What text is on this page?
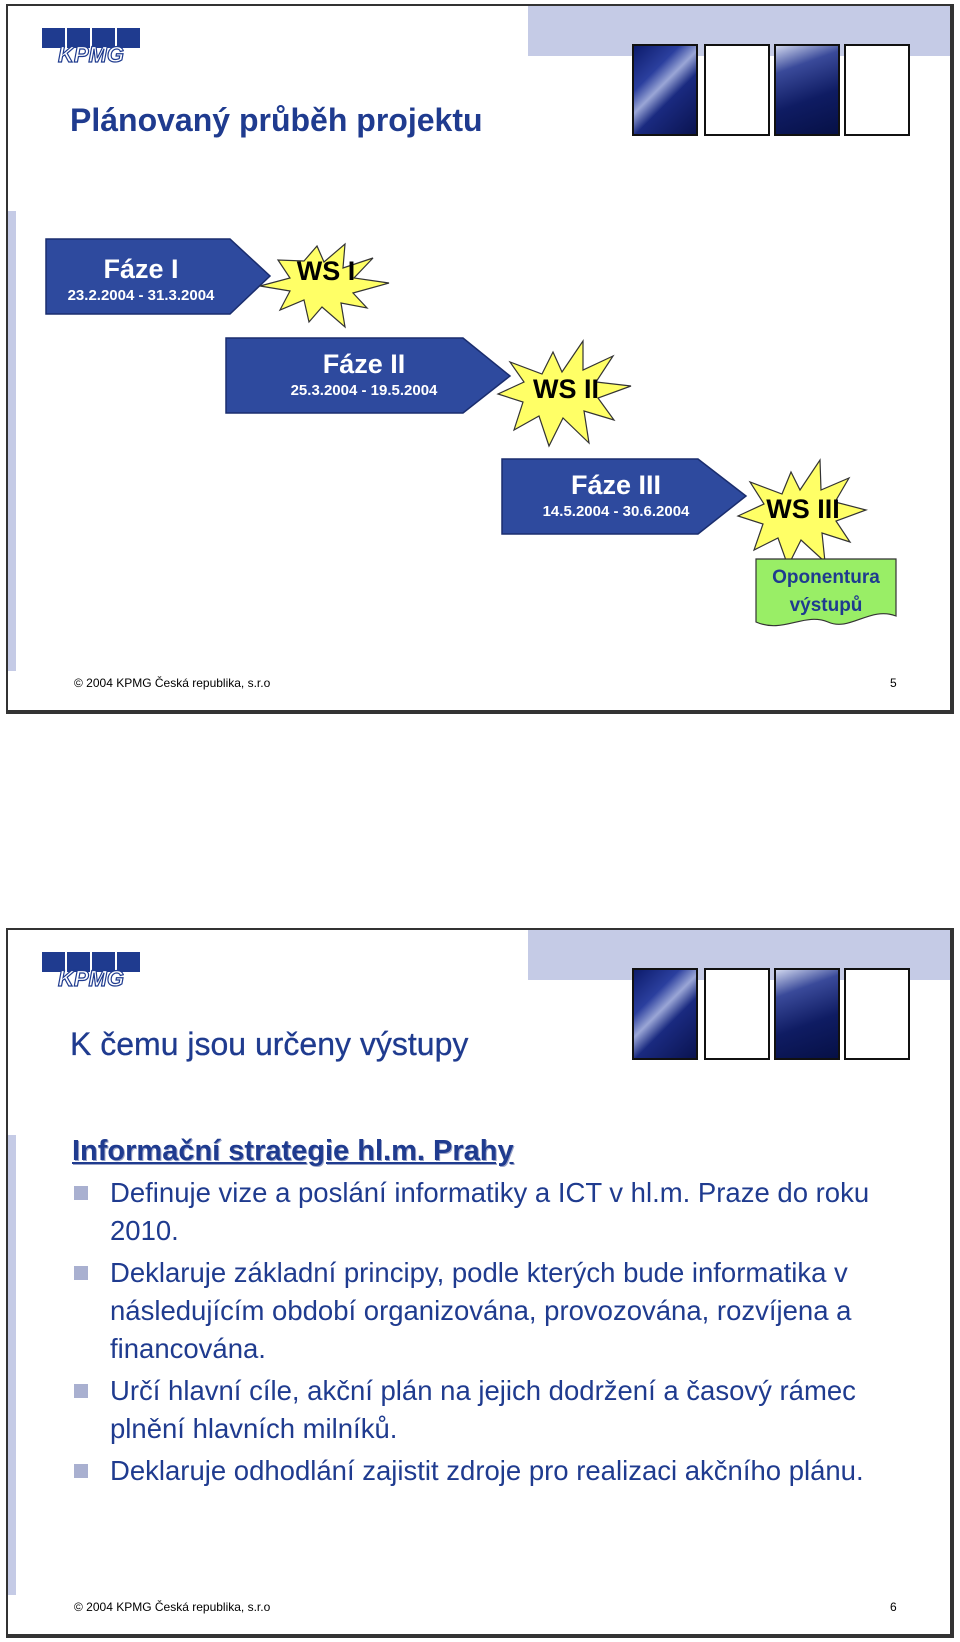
KPMG
Plánovaný průběh projektu
Fáze I
23.2.2004 - 31.3.2004
Fáze II
25.3.2004 - 19.5.2004
Fáze III
14.5.2004 - 30.6.2004
WS I
WS II
WS III
Oponentura
výstupů
© 2004 KPMG Česká republika, s.r.o	5
KPMG
K čemu jsou určeny výstupy

Informační strategie hl.m. Prahy

Definuje vize a poslání informatiky a ICT v hl.m. Praze do roku 2010.
Deklaruje základní principy, podle kterých bude informatika v následujícím období organizována, provozována, rozvíjena a financována.
Určí hlavní cíle, akční plán na jejich dodržení a časový rámec plnění hlavních milníků.
Deklaruje odhodlání zajistit zdroje pro realizaci akčního plánu.
© 2004 KPMG Česká republika, s.r.o	6
